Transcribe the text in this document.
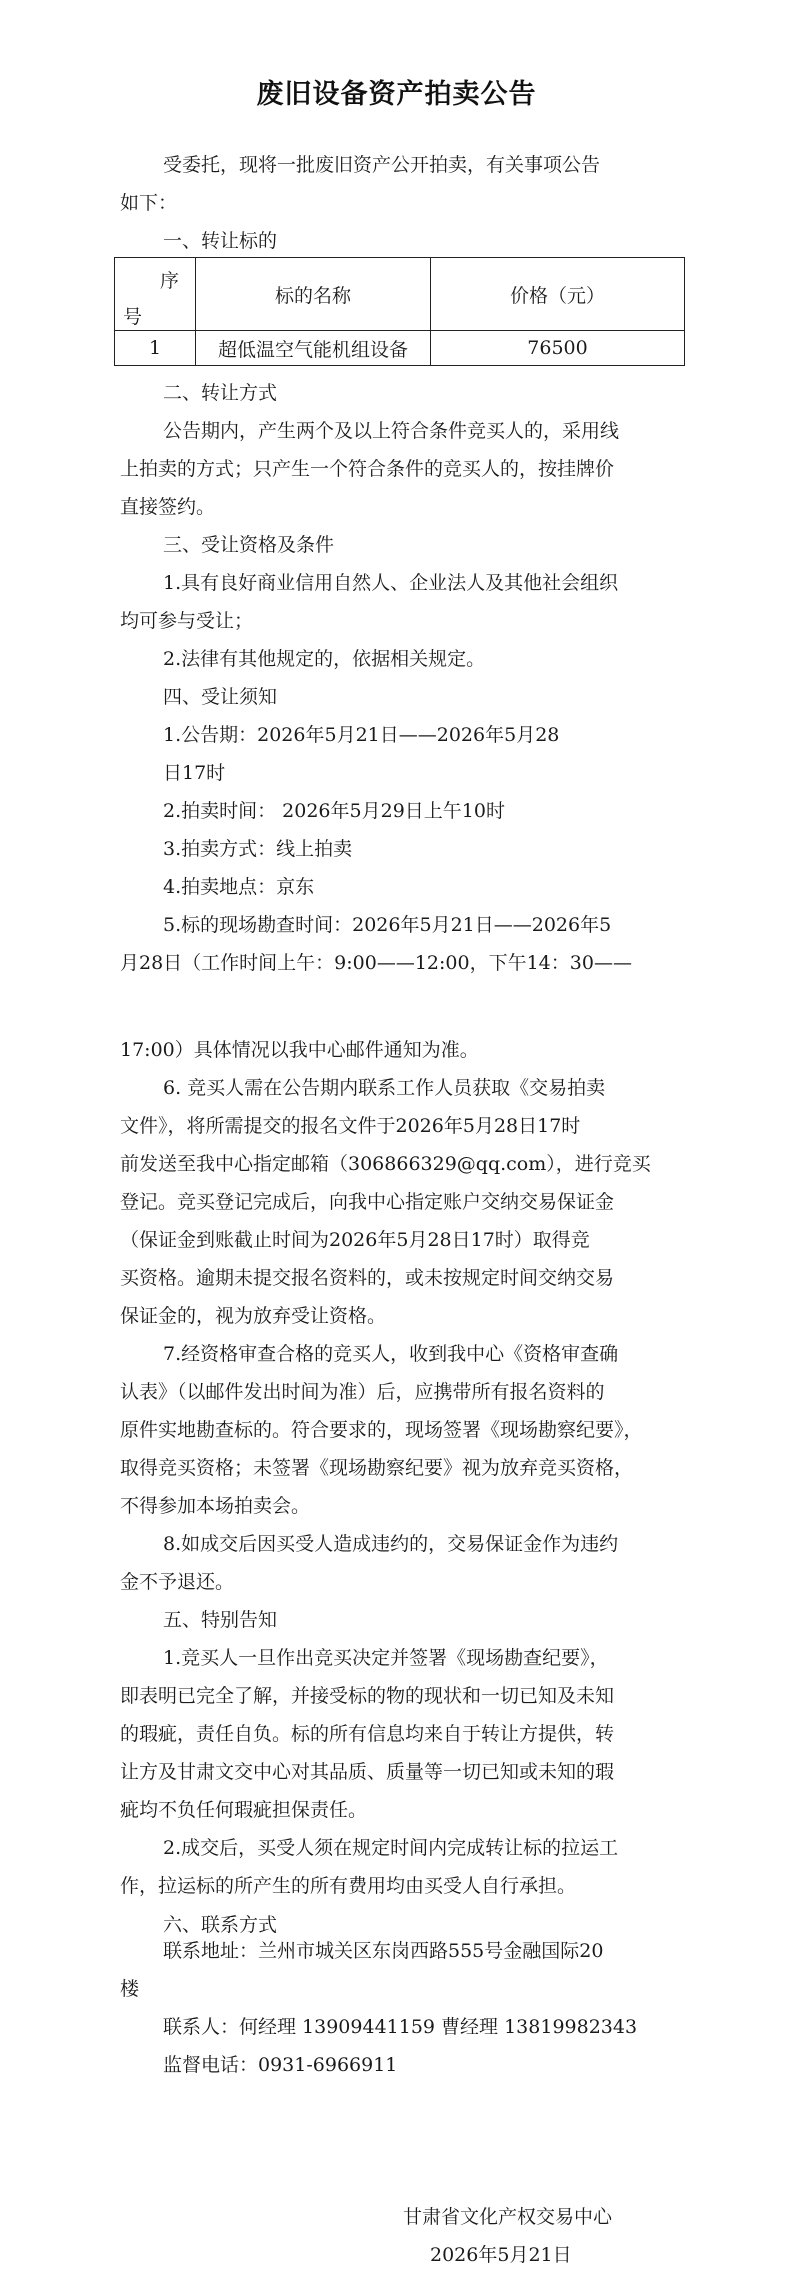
废旧设备资产拍卖公告
受委托，现将一批废旧资产公开拍卖，有关事项公告
如下：
一、转让标的
序
号	标的名称	价格（元）
1	超低温空气能机组设备	76500
二、转让方式
公告期内，产生两个及以上符合条件竞买人的，采用线
上拍卖的方式；只产生一个符合条件的竞买人的，按挂牌价
直接签约。
三、受让资格及条件
1.具有良好商业信用自然人、企业法人及其他社会组织
均可参与受让；
2.法律有其他规定的，依据相关规定。
四、受让须知
1.公告期：2026年5月21日——2026年5月28
日17时
2.拍卖时间： 2026年5月29日上午10时
3.拍卖方式：线上拍卖
4.拍卖地点：京东
5.标的现场勘查时间：2026年5月21日——2026年5
月28日（工作时间上午：9:00——12:00，下午14：30——
17:00）具体情况以我中心邮件通知为准。
6. 竞买人需在公告期内联系工作人员获取《交易拍卖
文件》，将所需提交的报名文件于2026年5月28日17时
前发送至我中心指定邮箱（306866329@qq.com），进行竞买
登记。竞买登记完成后，向我中心指定账户交纳交易保证金
（保证金到账截止时间为2026年5月28日17时）取得竞
买资格。逾期未提交报名资料的，或未按规定时间交纳交易
保证金的，视为放弃受让资格。
7.经资格审查合格的竞买人，收到我中心《资格审查确
认表》（以邮件发出时间为准）后，应携带所有报名资料的
原件实地勘查标的。符合要求的，现场签署《现场勘察纪要》，
取得竞买资格；未签署《现场勘察纪要》视为放弃竞买资格，
不得参加本场拍卖会。
8.如成交后因买受人造成违约的，交易保证金作为违约
金不予退还。
五、特别告知
1.竞买人一旦作出竞买决定并签署《现场勘查纪要》，
即表明已完全了解，并接受标的物的现状和一切已知及未知
的瑕疵，责任自负。标的所有信息均来自于转让方提供，转
让方及甘肃文交中心对其品质、质量等一切已知或未知的瑕
疵均不负任何瑕疵担保责任。
2.成交后，买受人须在规定时间内完成转让标的拉运工
作，拉运标的所产生的所有费用均由买受人自行承担。
六、联系方式
联系地址：兰州市城关区东岗西路555号金融国际20
楼
联系人：何经理 13909441159 曹经理 13819982343
监督电话：0931-6966911
甘肃省文化产权交易中心
2026年5月21日
